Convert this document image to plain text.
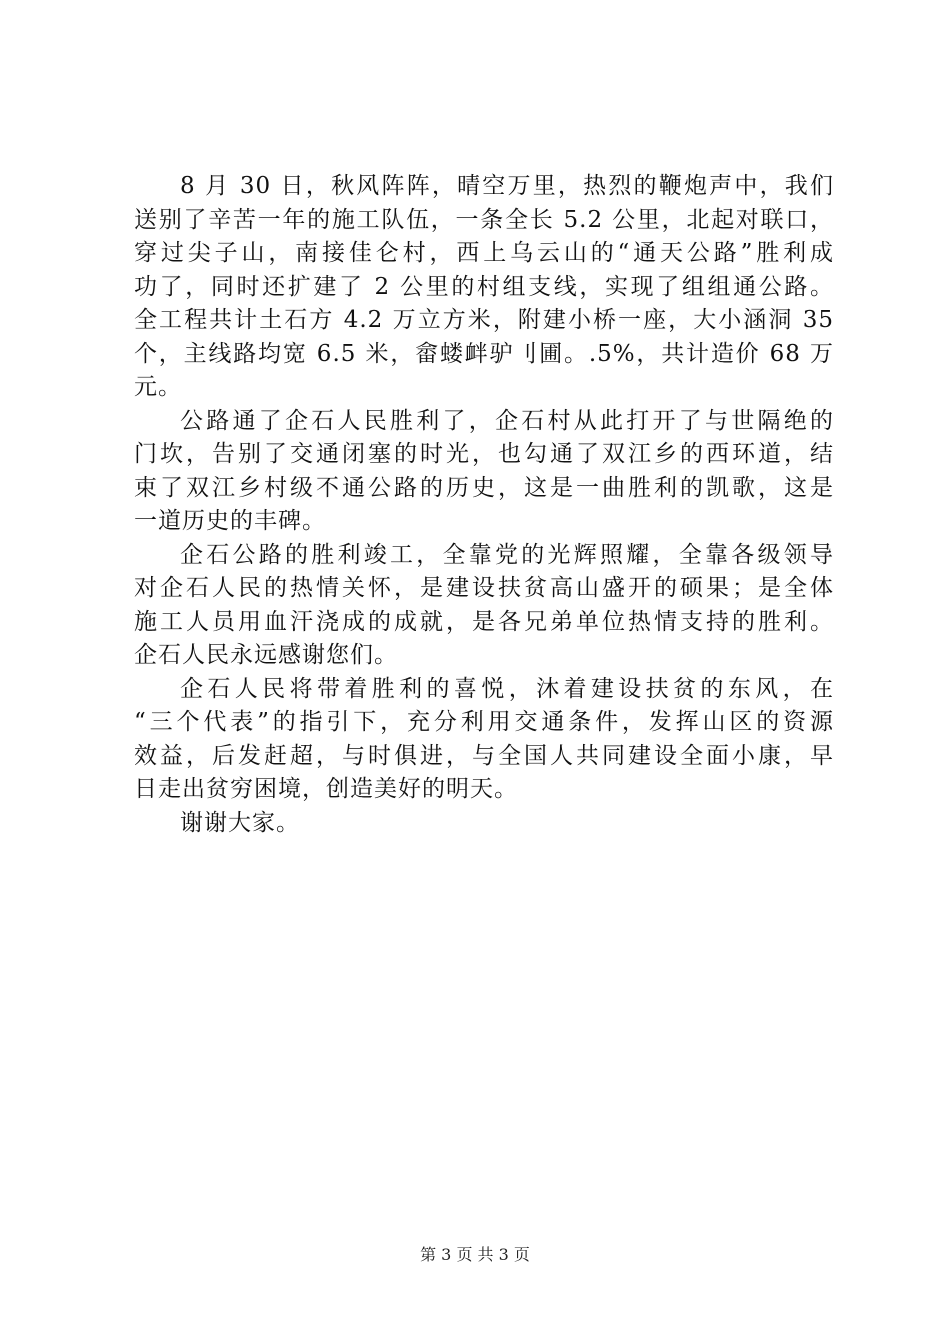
8 月 30 日，秋风阵阵，晴空万里，热烈的鞭炮声中，我们
送别了辛苦一年的施工队伍，一条全长 5.2 公里，北起对联口，
穿过尖子山，南接佳仑村，西上乌云山的“通天公路”胜利成
功了，同时还扩建了 2 公里的村组支线，实现了组组通公路。
全工程共计土石方 4.2 万立方米，附建小桥一座，大小涵洞 35
个，主线路均宽 6.5 米，畲蝼衅驴刂圃。.5%，共计造价 68 万
元。
公路通了企石人民胜利了，企石村从此打开了与世隔绝的
门坎，告别了交通闭塞的时光，也勾通了双江乡的西环道，结
束了双江乡村级不通公路的历史，这是一曲胜利的凯歌，这是
一道历史的丰碑。
企石公路的胜利竣工，全靠党的光辉照耀，全靠各级领导
对企石人民的热情关怀，是建设扶贫高山盛开的硕果；是全体
施工人员用血汗浇成的成就，是各兄弟单位热情支持的胜利。
企石人民永远感谢您们。
企石人民将带着胜利的喜悦，沐着建设扶贫的东风，在
“三个代表”的指引下，充分利用交通条件，发挥山区的资源
效益，后发赶超，与时俱进，与全国人共同建设全面小康，早
日走出贫穷困境，创造美好的明天。
谢谢大家。
第 3 页 共 3 页
